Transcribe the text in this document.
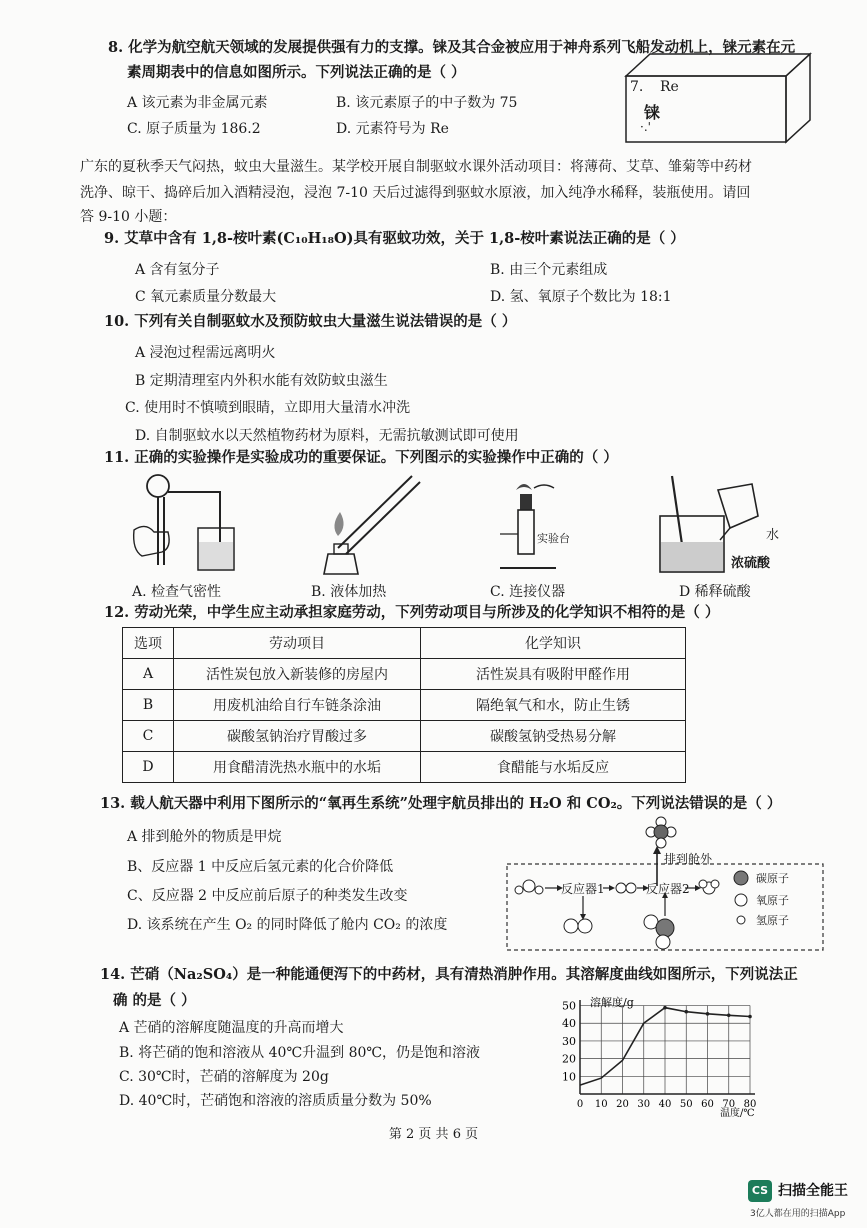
8. 化学为航空航天领域的发展提供强有力的支撑。铼及其合金被应用于神舟系列飞船发动机上，铼元素在元
素周期表中的信息如图所示。下列说法正确的是（ ）
A 该元素为非金属元素	B. 该元素原子的中子数为 75
C. 原子质量为 186.2	D. 元素符号为 Re
7. Re
铼
·.'
广东的夏秋季天气闷热，蚊虫大量滋生。某学校开展自制驱蚊水课外活动项目：将薄荷、艾草、雏菊等中药材
洗净、晾干、捣碎后加入酒精浸泡，浸泡 7-10 天后过滤得到驱蚊水原液，加入纯净水稀释，装瓶使用。请回
答 9-10 小题：
9. 艾草中含有 1,8-桉叶素(C₁₀H₁₈O)具有驱蚊功效，关于 1,8-桉叶素说法正确的是（ ）
A 含有氢分子	B. 由三个元素组成
C 氧元素质量分数最大	D. 氢、氧原子个数比为 18:1
10. 下列有关自制驱蚊水及预防蚊虫大量滋生说法错误的是（ ）
A 浸泡过程需远离明火
B 定期清理室内外积水能有效防蚊虫滋生
C. 使用时不慎喷到眼睛，立即用大量清水冲洗
D. 自制驱蚊水以天然植物药材为原料，无需抗敏测试即可使用
11. 正确的实验操作是实验成功的重要保证。下列图示的实验操作中正确的（ ）
实验台	水
浓硫酸
A. 检查气密性	B. 液体加热	C. 连接仪器	D 稀释硫酸
12. 劳动光荣，中学生应主动承担家庭劳动，下列劳动项目与所涉及的化学知识不相符的是（ ）
选项	劳动项目	化学知识
A	活性炭包放入新装修的房屋内	活性炭具有吸附甲醛作用
B	用废机油给自行车链条涂油	隔绝氧气和水，防止生锈
C	碳酸氢钠治疗胃酸过多	碳酸氢钠受热易分解
D	用食醋清洗热水瓶中的水垢	食醋能与水垢反应
13. 载人航天器中利用下图所示的“氧再生系统”处理宇航员排出的 H₂O 和 CO₂。下列说法错误的是（ ）
A 排到舱外的物质是甲烷
B、反应器 1 中反应后氢元素的化合价降低
C、反应器 2 中反应前后原子的种类发生改变
D. 该系统在产生 O₂ 的同时降低了舱内 CO₂ 的浓度
反应器1	反应器2
排到舱外
碳原子
氧原子
氢原子
14. 芒硝（Na₂SO₄）是一种能通便泻下的中药材，具有清热消肿作用。其溶解度曲线如图所示，下列说法正
确 的是（ ）
A 芒硝的溶解度随温度的升高而增大
B. 将芒硝的饱和溶液从 40℃升温到 80℃，仍是饱和溶液
C. 30℃时，芒硝的溶解度为 20g
D. 40℃时，芒硝饱和溶液的溶质质量分数为 50%
10
20
30
40
50
0 10 20 30 40 50 60 70 80
溶解度/g
温度/℃
第 2 页 共 6 页
CS 扫描全能王
3亿人都在用的扫描App
